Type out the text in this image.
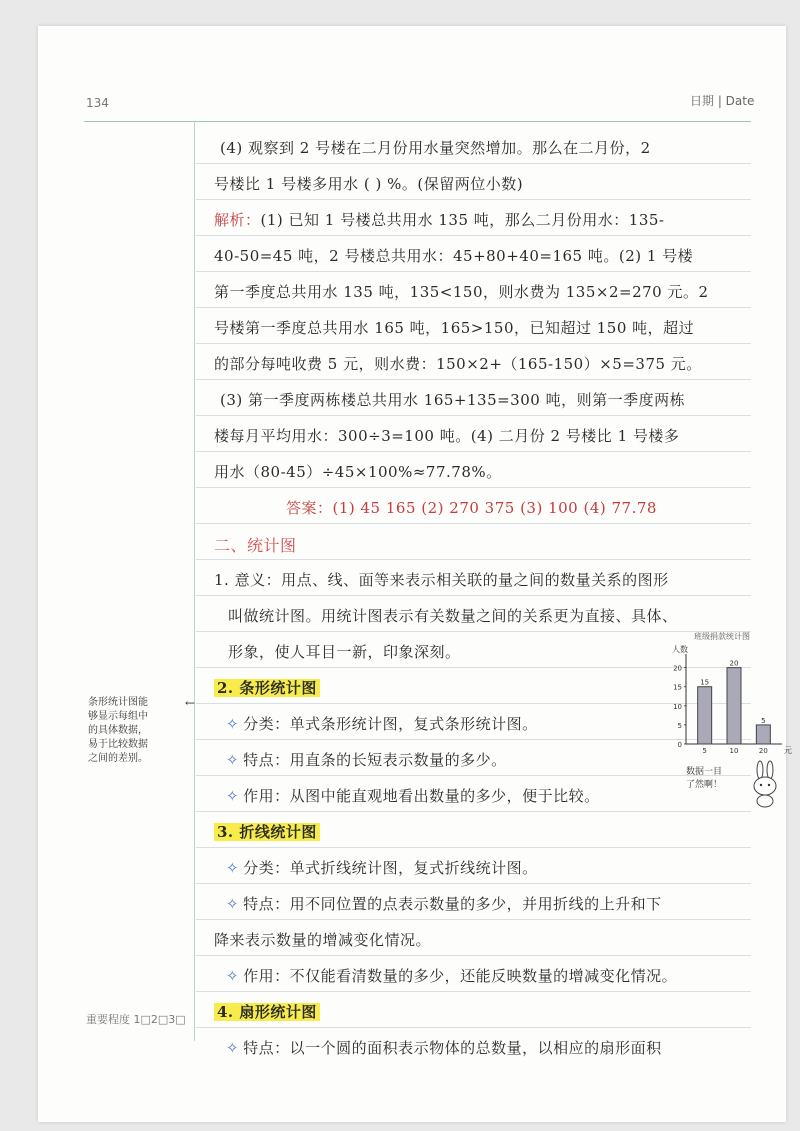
134	日期 | Date
(4) 观察到 2 号楼在二月份用水量突然增加。那么在二月份，2
号楼比 1 号楼多用水 ( ) %。(保留两位小数)
解析：(1) 已知 1 号楼总共用水 135 吨，那么二月份用水：135-
40-50=45 吨，2 号楼总共用水：45+80+40=165 吨。(2) 1 号楼
第一季度总共用水 135 吨，135<150，则水费为 135×2=270 元。2
号楼第一季度总共用水 165 吨，165>150，已知超过 150 吨，超过
的部分每吨收费 5 元，则水费：150×2+（165-150）×5=375 元。
(3) 第一季度两栋楼总共用水 165+135=300 吨，则第一季度两栋
楼每月平均用水：300÷3=100 吨。(4) 二月份 2 号楼比 1 号楼多
用水（80-45）÷45×100%≈77.78%。
答案：(1) 45 165 (2) 270 375 (3) 100 (4) 77.78
二、统计图
1. 意义：用点、线、面等来表示相关联的量之间的数量关系的图形
叫做统计图。用统计图表示有关数量之间的关系更为直接、具体、
形象，使人耳目一新，印象深刻。
2. 条形统计图
✧ 分类：单式条形统计图，复式条形统计图。
✧ 特点：用直条的长短表示数量的多少。
✧ 作用：从图中能直观地看出数量的多少，便于比较。
3. 折线统计图
✧ 分类：单式折线统计图，复式折线统计图。
✧ 特点：用不同位置的点表示数量的多少，并用折线的上升和下
降来表示数量的增减变化情况。
✧ 作用：不仅能看清数量的多少，还能反映数量的增减变化情况。
4. 扇形统计图
✧ 特点：以一个圆的面积表示物体的总数量，以相应的扇形面积
条形统计图能
够显示每组中
的具体数据，
易于比较数据
之间的差别。
←
重要程度 1□2□3□
班级捐款统计图
人数
元
0
5
10
15
20
15
5
20
10
5
20
数据一目
了然啊！
